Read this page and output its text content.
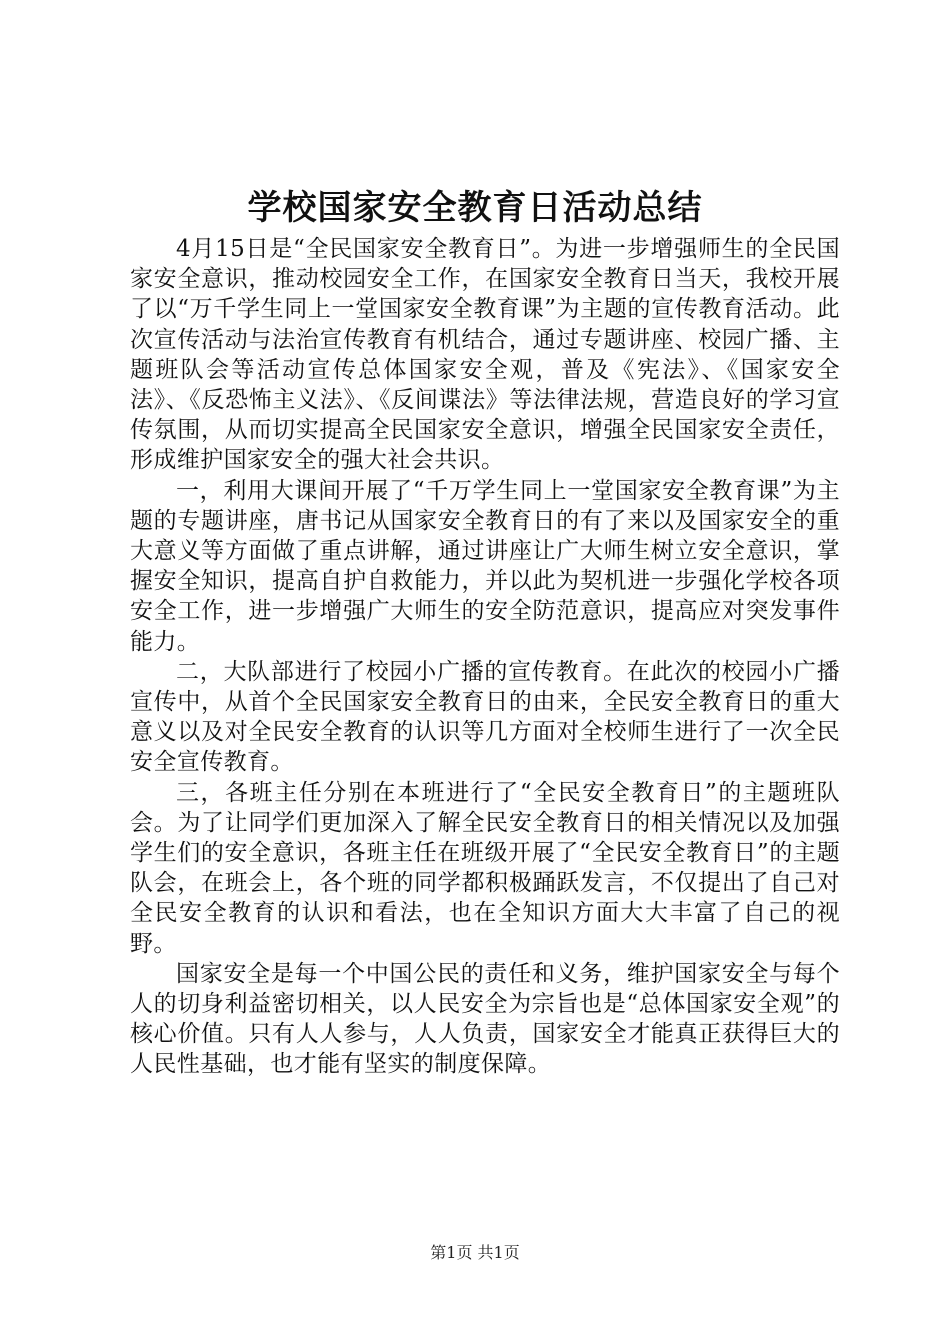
学校国家安全教育日活动总结

4月15日是“全民国家安全教育日”。为进一步增强师生的全民国家安全意识，推动校园安全工作，在国家安全教育日当天，我校开展了以“万千学生同上一堂国家安全教育课”为主题的宣传教育活动。此次宣传活动与法治宣传教育有机结合，通过专题讲座、校园广播、主题班队会等活动宣传总体国家安全观，普及《宪法》、《国家安全法》、《反恐怖主义法》、《反间谍法》等法律法规，营造良好的学习宣传氛围，从而切实提高全民国家安全意识，增强全民国家安全责任，形成维护国家安全的强大社会共识。

一，利用大课间开展了“千万学生同上一堂国家安全教育课”为主题的专题讲座，唐书记从国家安全教育日的有了来以及国家安全的重大意义等方面做了重点讲解，通过讲座让广大师生树立安全意识，掌握安全知识，提高自护自救能力，并以此为契机进一步强化学校各项安全工作，进一步增强广大师生的安全防范意识，提高应对突发事件能力。

二，大队部进行了校园小广播的宣传教育。在此次的校园小广播宣传中，从首个全民国家安全教育日的由来，全民安全教育日的重大意义以及对全民安全教育的认识等几方面对全校师生进行了一次全民安全宣传教育。

三，各班主任分别在本班进行了“全民安全教育日”的主题班队会。为了让同学们更加深入了解全民安全教育日的相关情况以及加强学生们的安全意识，各班主任在班级开展了“全民安全教育日”的主题队会，在班会上，各个班的同学都积极踊跃发言，不仅提出了自己对全民安全教育的认识和看法，也在全知识方面大大丰富了自己的视野。

国家安全是每一个中国公民的责任和义务，维护国家安全与每个人的切身利益密切相关，以人民安全为宗旨也是“总体国家安全观”的核心价值。只有人人参与，人人负责，国家安全才能真正获得巨大的人民性基础，也才能有坚实的制度保障。

第1页 共1页
